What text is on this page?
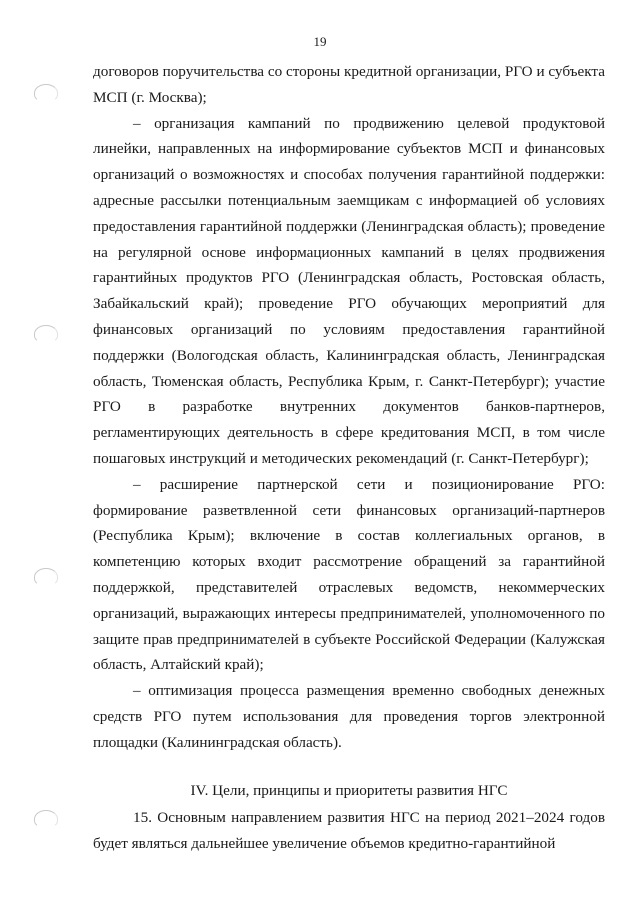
19

договоров поручительства со стороны кредитной организации, РГО и субъекта МСП (г. Москва);

– организация кампаний по продвижению целевой продуктовой линейки, направленных на информирование субъектов МСП и финансовых организаций о возможностях и способах получения гарантийной поддержки: адресные рассылки потенциальным заемщикам с информацией об условиях предоставления гарантийной поддержки (Ленинградская область); проведение на регулярной основе информационных кампаний в целях продвижения гарантийных продуктов РГО (Ленинградская область, Ростовская область, Забайкальский край); проведение РГО обучающих мероприятий для финансовых организаций по условиям предоставления гарантийной поддержки (Вологодская область, Калининградская область, Ленинградская область, Тюменская область, Республика Крым, г. Санкт-Петербург); участие РГО в разработке внутренних документов банков-партнеров, регламентирующих деятельность в сфере кредитования МСП, в том числе пошаговых инструкций и методических рекомендаций (г. Санкт-Петербург);

– расширение партнерской сети и позиционирование РГО: формирование разветвленной сети финансовых организаций-партнеров (Республика Крым); включение в состав коллегиальных органов, в компетенцию которых входит рассмотрение обращений за гарантийной поддержкой, представителей отраслевых ведомств, некоммерческих организаций, выражающих интересы предпринимателей, уполномоченного по защите прав предпринимателей в субъекте Российской Федерации (Калужская область, Алтайский край);

– оптимизация процесса размещения временно свободных денежных средств РГО путем использования для проведения торгов электронной площадки (Калининградская область).

IV. Цели, принципы и приоритеты развития НГС

15. Основным направлением развития НГС на период 2021–2024 годов будет являться дальнейшее увеличение объемов кредитно-гарантийной
